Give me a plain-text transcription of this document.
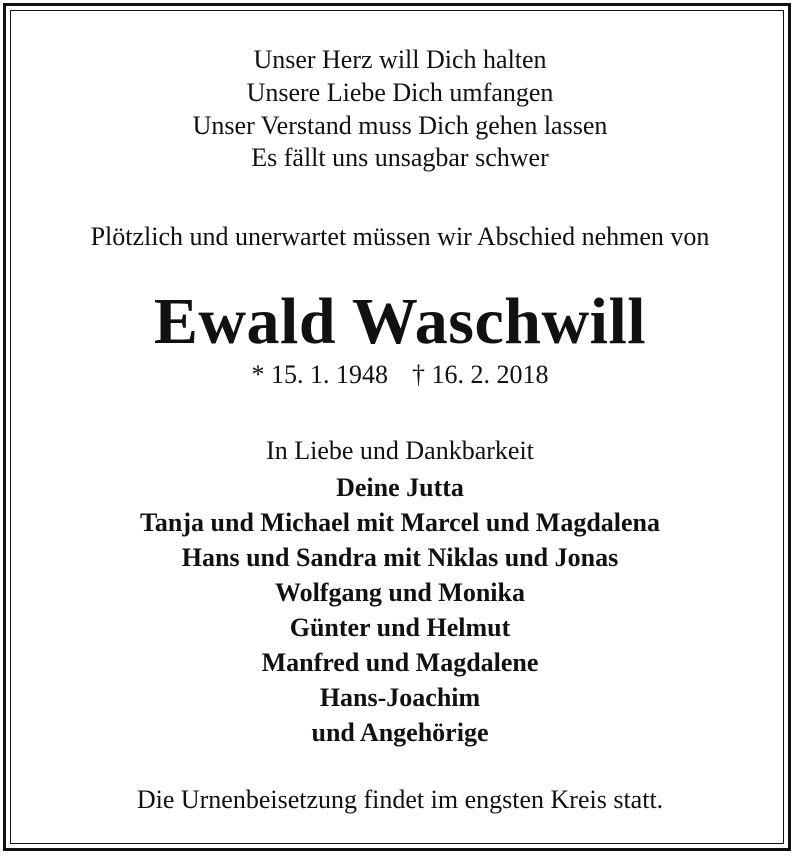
Unser Herz will Dich halten
Unsere Liebe Dich umfangen
Unser Verstand muss Dich gehen lassen
Es fällt uns unsagbar schwer
Plötzlich und unerwartet müssen wir Abschied nehmen von
Ewald Waschwill
* 15. 1. 1948 † 16. 2. 2018
In Liebe und Dankbarkeit
Deine Jutta
Tanja und Michael mit Marcel und Magdalena
Hans und Sandra mit Niklas und Jonas
Wolfgang und Monika
Günter und Helmut
Manfred und Magdalene
Hans-Joachim
und Angehörige
Die Urnenbeisetzung findet im engsten Kreis statt.
